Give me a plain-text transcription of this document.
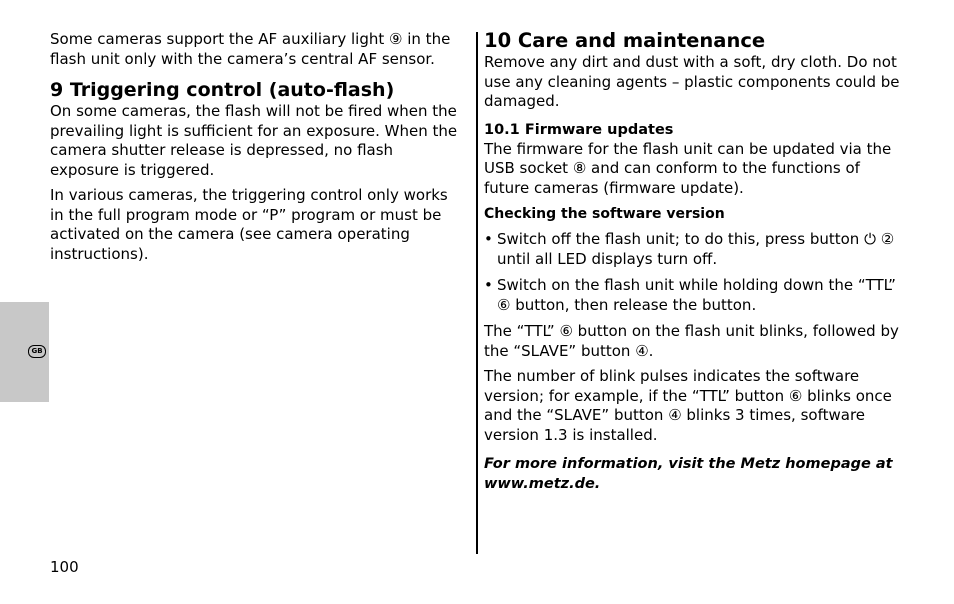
GB

Some cameras support the AF auxiliary light ⑨ in the flash unit only with the camera’s central AF sensor.

9 Triggering control (auto-flash)

On some cameras, the flash will not be fired when the prevailing light is sufficient for an exposure. When the camera shutter release is depressed, no flash exposure is triggered.

In various cameras, the triggering control only works in the full program mode or “P” program or must be activated on the camera (see camera operating instructions).

10 Care and maintenance

Remove any dirt and dust with a soft, dry cloth. Do not use any cleaning agents – plastic components could be damaged.

10.1 Firmware updates

The firmware for the flash unit can be updated via the USB socket ⑧ and can conform to the functions of future cameras (firmware update).

Checking the software version
• Switch off the flash unit; to do this, press button ⏻ ② until all LED displays turn off.
• Switch on the flash unit while holding down the “TTL” ⑥ button, then release the button.

The “TTL” ⑥ button on the flash unit blinks, followed by the “SLAVE” button ④.

The number of blink pulses indicates the software version; for example, if the “TTL” button ⑥ blinks once and the “SLAVE” button ④ blinks 3 times, software version 1.3 is installed.

For more information, visit the Metz homepage at www.metz.de.

100
